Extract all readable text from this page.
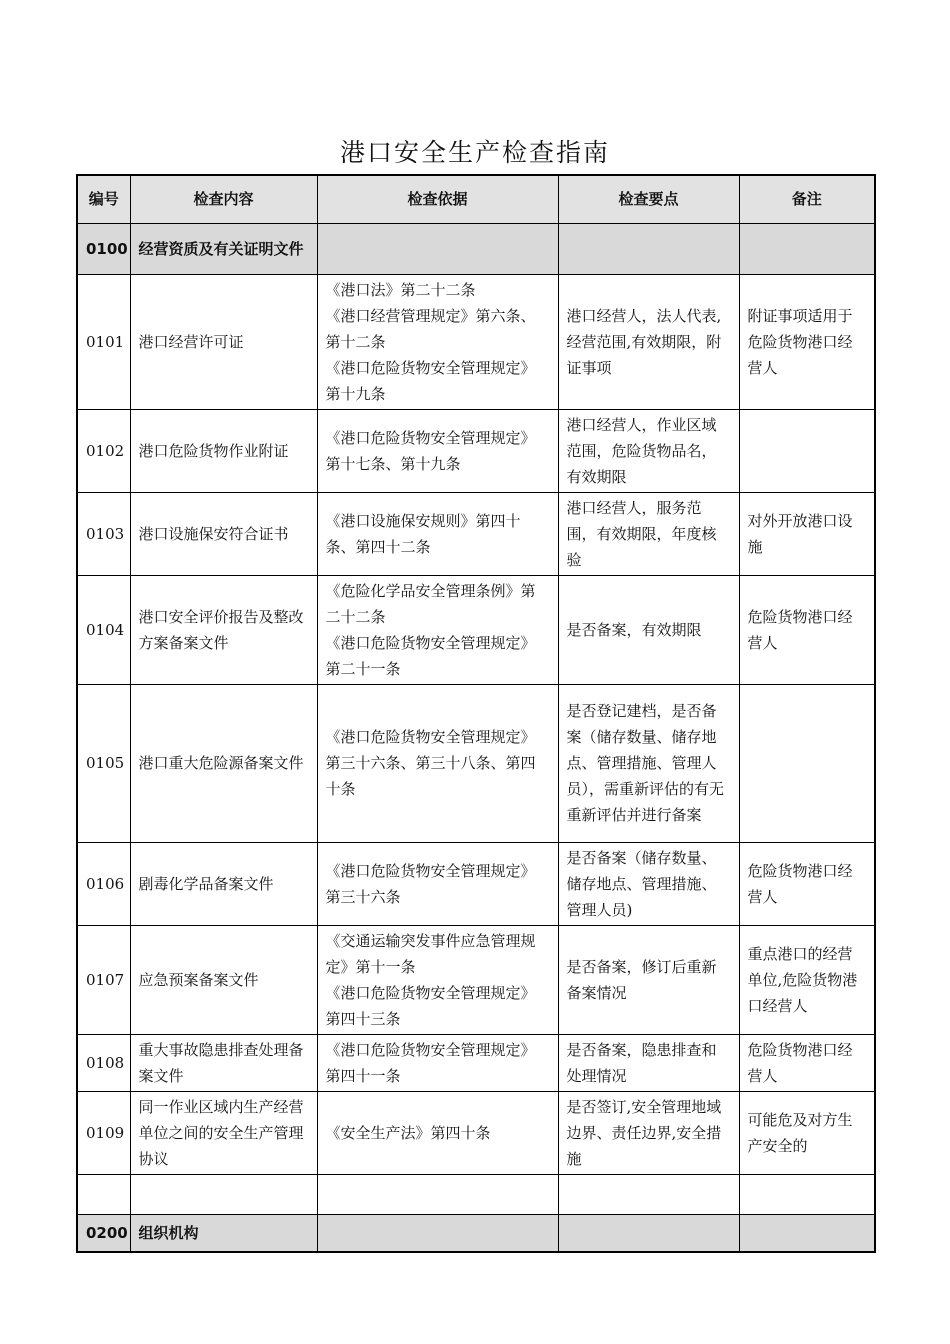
港口安全生产检查指南
编号	检查内容	检查依据	检查要点	备注
0100	经营资质及有关证明文件			
0101	港口经营许可证	《港口法》第二十二条
《港口经营管理规定》第六条、第十二条
《港口危险货物安全管理规定》第十九条	港口经营人，法人代表,经营范围,有效期限，附证事项	附证事项适用于危险货物港口经营人
0102	港口危险货物作业附证	《港口危险货物安全管理规定》第十七条、第十九条	港口经营人，作业区域范围，危险货物品名，有效期限	
0103	港口设施保安符合证书	《港口设施保安规则》第四十条、第四十二条	港口经营人，服务范围，有效期限，年度核验	对外开放港口设施
0104	港口安全评价报告及整改方案备案文件	《危险化学品安全管理条例》第二十二条
《港口危险货物安全管理规定》第二十一条	是否备案，有效期限	危险货物港口经营人
0105	港口重大危险源备案文件	《港口危险货物安全管理规定》第三十六条、第三十八条、第四十条	是否登记建档，是否备案（储存数量、储存地点、管理措施、管理人员），需重新评估的有无重新评估并进行备案	
0106	剧毒化学品备案文件	《港口危险货物安全管理规定》第三十六条	是否备案（储存数量、储存地点、管理措施、管理人员)	危险货物港口经营人
0107	应急预案备案文件	《交通运输突发事件应急管理规定》第十一条
《港口危险货物安全管理规定》第四十三条	是否备案，修订后重新备案情况	重点港口的经营单位,危险货物港口经营人
0108	重大事故隐患排查处理备案文件	《港口危险货物安全管理规定》第四十一条	是否备案，隐患排查和处理情况	危险货物港口经营人
0109	同一作业区域内生产经营单位之间的安全生产管理协议	《安全生产法》第四十条	是否签订,安全管理地域边界、责任边界,安全措施	可能危及对方生产安全的

0200	组织机构			
